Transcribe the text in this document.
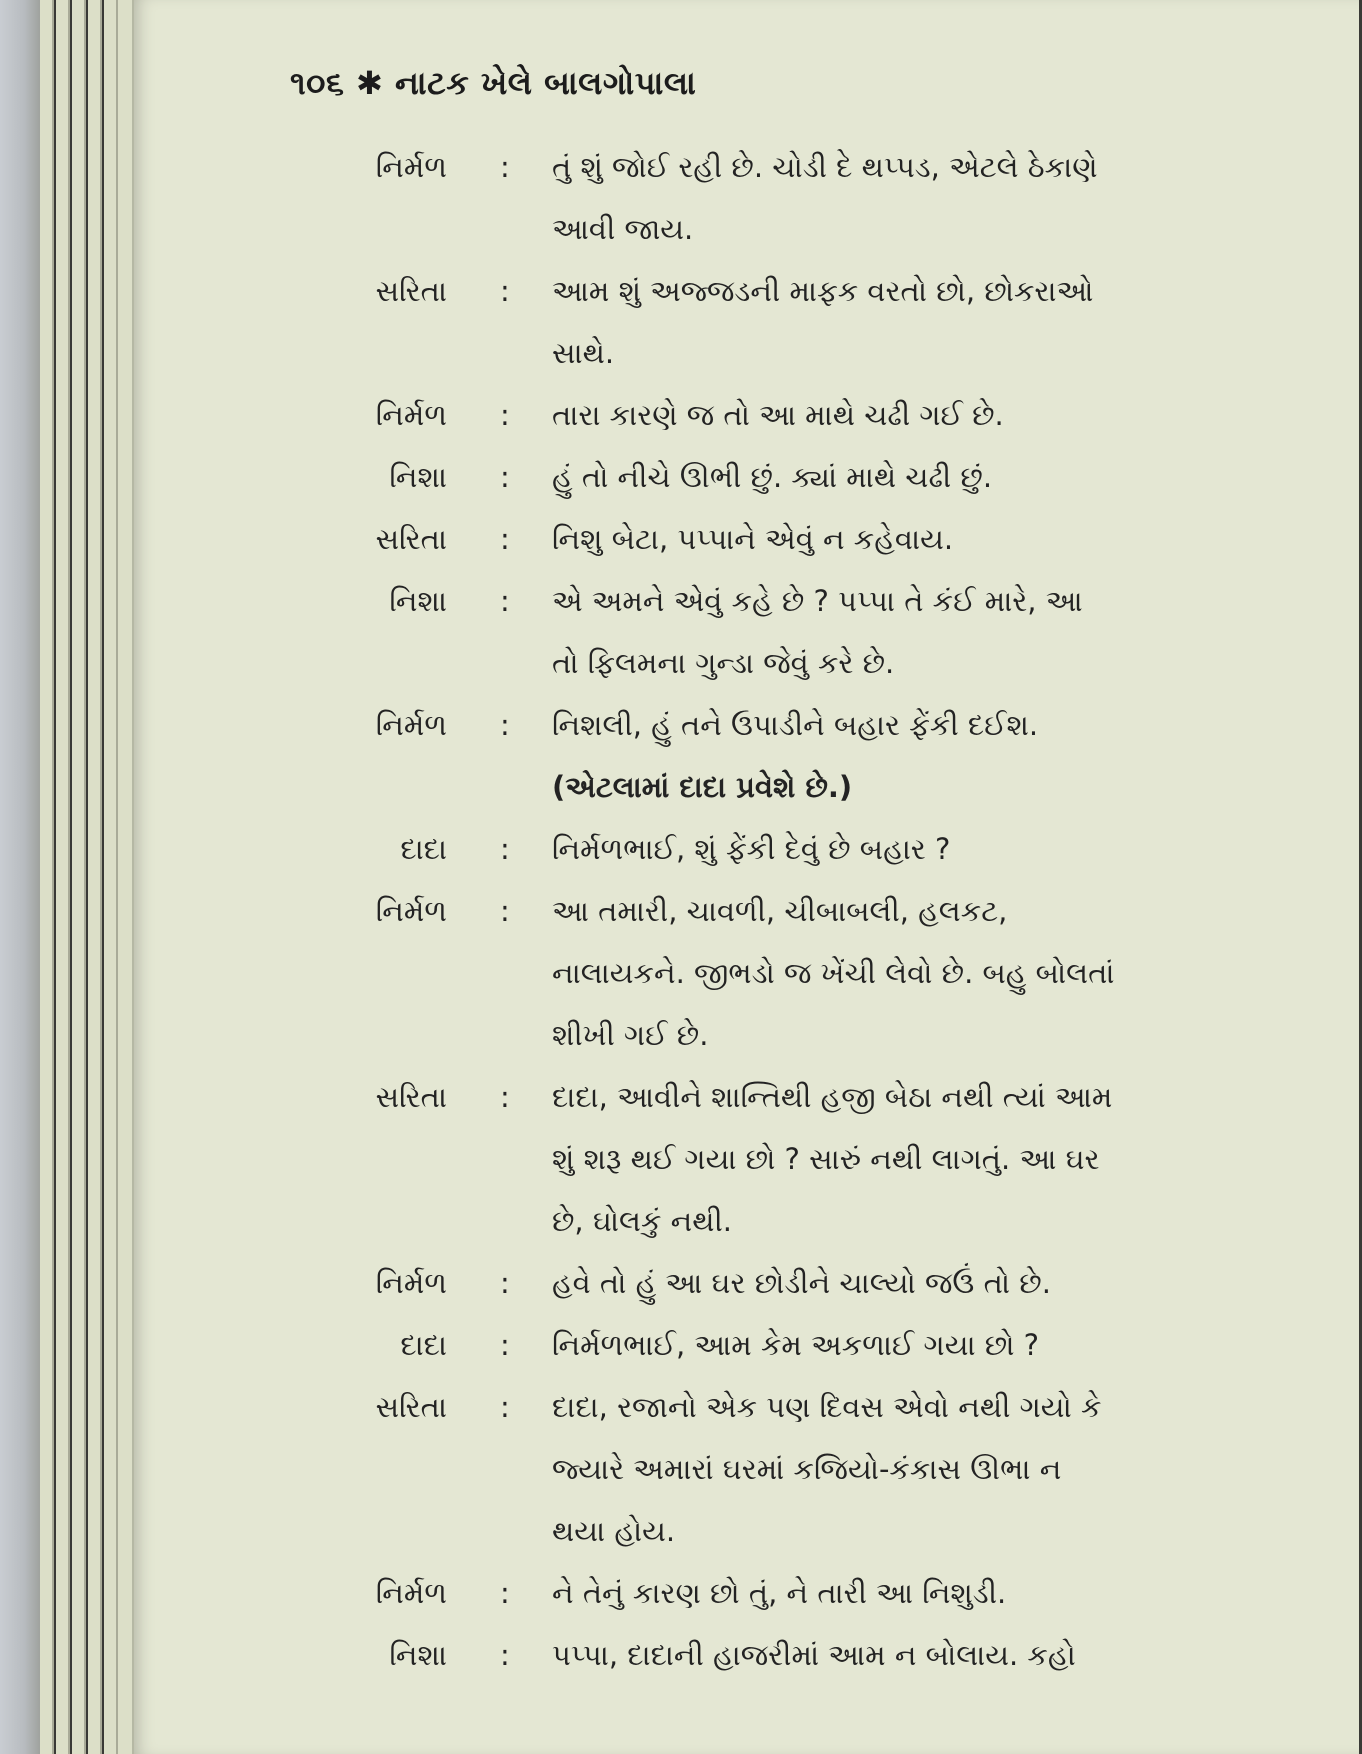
૧૦૬ ✱ નાટક ખેલે બાલગોપાલા
નિર્મળ : તું શું જોઈ રહી છે. ચોડી દે થપ્પડ, એટલે ઠેકાણે
આવી જાય.
સરિતા : આમ શું અજ્જડની માફક વરતો છો, છોકરાઓ
સાથે.
નિર્મળ : તારા કારણે જ તો આ માથે ચઢી ગઈ છે.
નિશા : હું તો નીચે ઊભી છું. ક્યાં માથે ચઢી છું.
સરિતા : નિશુ બેટા, પપ્પાને એવું ન કહેવાય.
નિશા : એ અમને એવું કહે છે ? પપ્પા તે કંઈ મારે, આ
તો ફિલમના ગુન્ડા જેવું કરે છે.
નિર્મળ : નિશલી, હું તને ઉપાડીને બહાર ફેંકી દઈશ.
(એટલામાં દાદા પ્રવેશે છે.)
દાદા : નિર્મળભાઈ, શું ફેંકી દેવું છે બહાર ?
નિર્મળ : આ તમારી, ચાવળી, ચીબાબલી, હલકટ,
નાલાયકને. જીભડો જ ખેંચી લેવો છે. બહુ બોલતાં
શીખી ગઈ છે.
સરિતા : દાદા, આવીને શાન્તિથી હજી બેઠા નથી ત્યાં આમ
શું શરૂ થઈ ગયા છો ? સારું નથી લાગતું. આ ઘર
છે, ઘોલકું નથી.
નિર્મળ : હવે તો હું આ ઘર છોડીને ચાલ્યો જઉં તો છે.
દાદા : નિર્મળભાઈ, આમ કેમ અકળાઈ ગયા છો ?
સરિતા : દાદા, રજાનો એક પણ દિવસ એવો નથી ગયો કે
જ્યારે અમારાં ઘરમાં કજિયો-કંકાસ ઊભા ન
થયા હોય.
નિર્મળ : ને તેનું કારણ છો તું, ને તારી આ નિશુડી.
નિશા : પપ્પા, દાદાની હાજરીમાં આમ ન બોલાય. કહો
